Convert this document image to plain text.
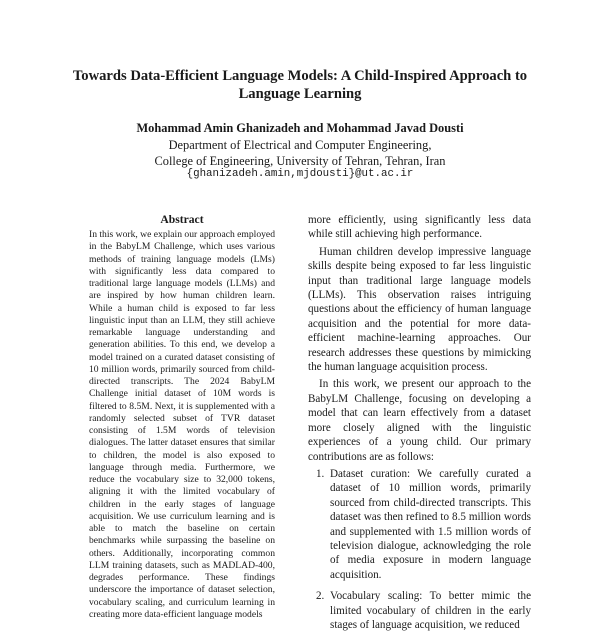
Towards Data-Efficient Language Models: A Child-Inspired Approach to Language Learning
Mohammad Amin Ghanizadeh and Mohammad Javad Dousti
Department of Electrical and Computer Engineering,
College of Engineering, University of Tehran, Tehran, Iran
{ghanizadeh.amin,mjdousti}@ut.ac.ir
Abstract
In this work, we explain our approach employed in the BabyLM Challenge, which uses various methods of training language models (LMs) with significantly less data compared to traditional large language models (LLMs) and are inspired by how human children learn. While a human child is exposed to far less linguistic input than an LLM, they still achieve remarkable language understanding and generation abilities. To this end, we develop a model trained on a curated dataset consisting of 10 million words, primarily sourced from child-directed transcripts. The 2024 BabyLM Challenge initial dataset of 10M words is filtered to 8.5M. Next, it is supplemented with a randomly selected subset of TVR dataset consisting of 1.5M words of television dialogues. The latter dataset ensures that similar to children, the model is also exposed to language through media. Furthermore, we reduce the vocabulary size to 32,000 tokens, aligning it with the limited vocabulary of children in the early stages of language acquisition. We use curriculum learning and is able to match the baseline on certain benchmarks while surpassing the baseline on others. Additionally, incorporating common LLM training datasets, such as MADLAD-400, degrades performance. These findings underscore the importance of dataset selection, vocabulary scaling, and curriculum learning in creating more data-efficient language models

more efficiently, using significantly less data while still achieving high performance.

Human children develop impressive language skills despite being exposed to far less linguistic input than traditional large language models (LLMs). This observation raises intriguing questions about the efficiency of human language acquisition and the potential for more data-efficient machine-learning approaches. Our research addresses these questions by mimicking the human language acquisition process.

In this work, we present our approach to the BabyLM Challenge, focusing on developing a model that can learn effectively from a dataset more closely aligned with the linguistic experiences of a young child. Our primary contributions are as follows:

1. Dataset curation: We carefully curated a dataset of 10 million words, primarily sourced from child-directed transcripts. This dataset was then refined to 8.5 million words and supplemented with 1.5 million words of television dialogue, acknowledging the role of media exposure in modern language acquisition.
2. Vocabulary scaling: To better mimic the limited vocabulary of children in the early stages of language acquisition, we reduced
